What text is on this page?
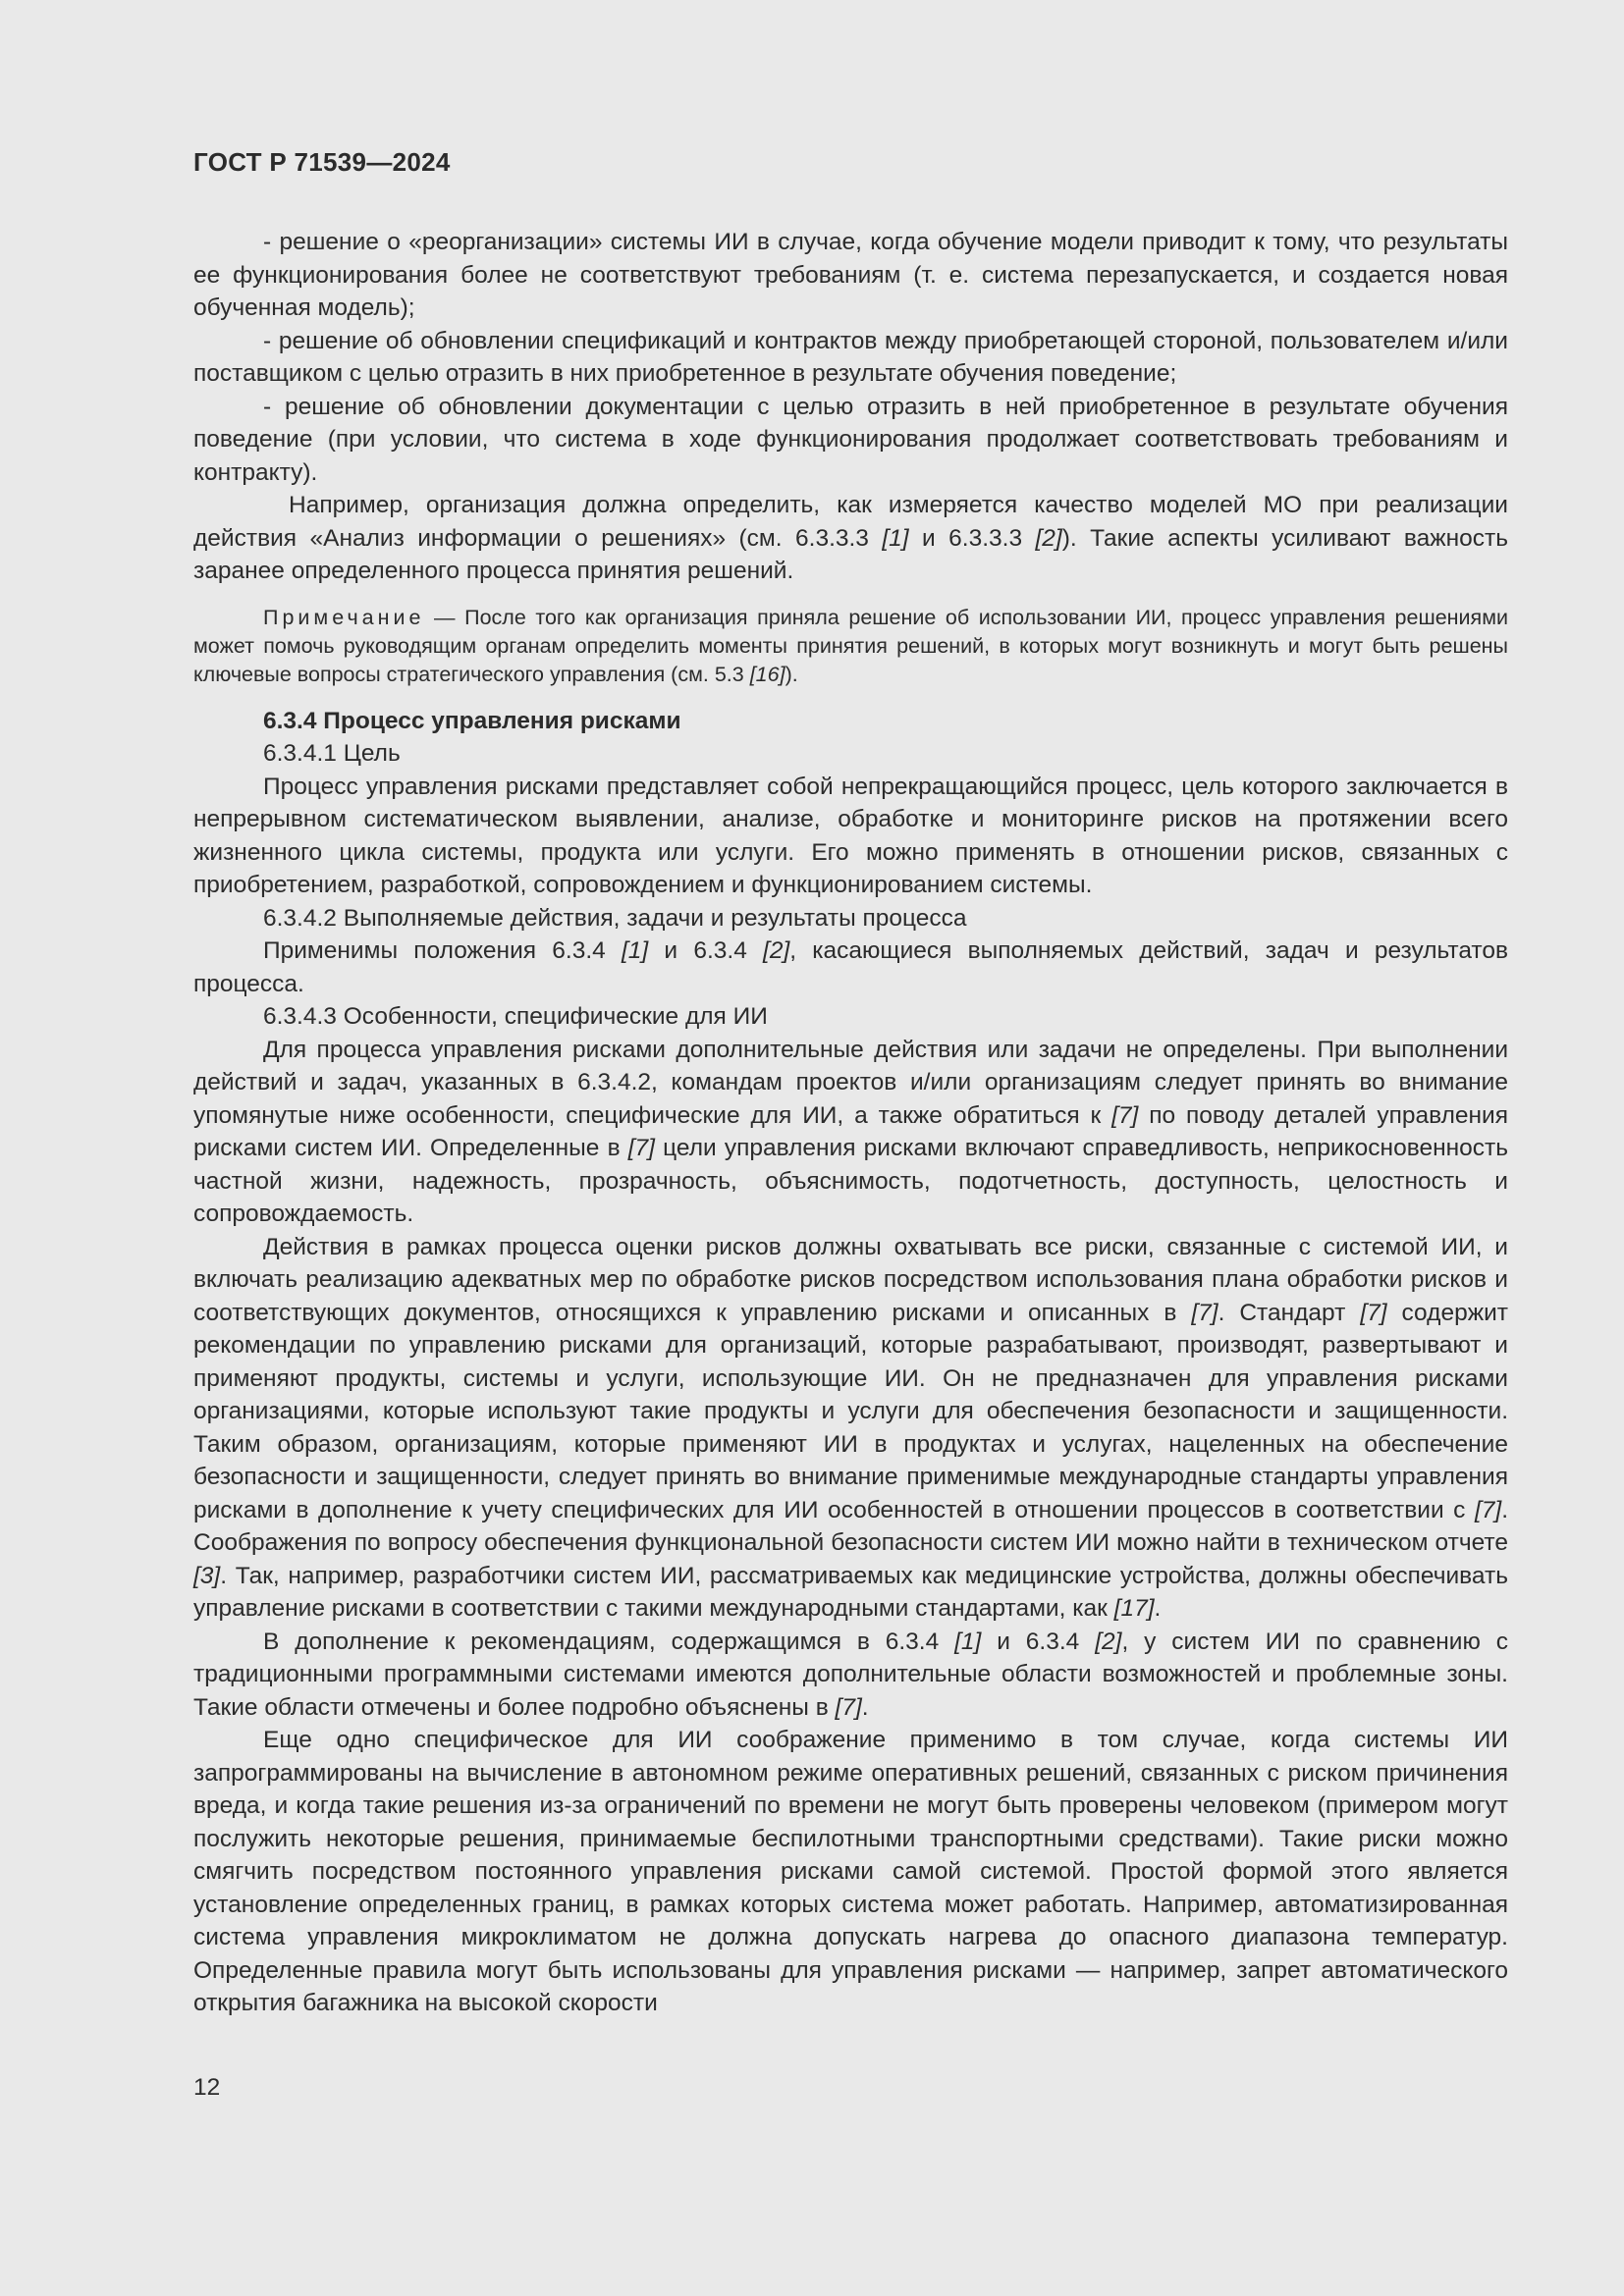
ГОСТ Р 71539—2024

- решение о «реорганизации» системы ИИ в случае, когда обучение модели приводит к тому, что результаты ее функционирования более не соответствуют требованиям (т. е. система перезапускается, и создается новая обученная модель);

- решение об обновлении спецификаций и контрактов между приобретающей стороной, пользователем и/или поставщиком с целью отразить в них приобретенное в результате обучения поведение;

- решение об обновлении документации с целью отразить в ней приобретенное в результате обучения поведение (при условии, что система в ходе функционирования продолжает соответствовать требованиям и контракту).

Например, организация должна определить, как измеряется качество моделей МО при реализации действия «Анализ информации о решениях» (см. 6.3.3.3 [1] и 6.3.3.3 [2]). Такие аспекты усиливают важность заранее определенного процесса принятия решений.

Примечание — После того как организация приняла решение об использовании ИИ, процесс управления решениями может помочь руководящим органам определить моменты принятия решений, в которых могут возникнуть и могут быть решены ключевые вопросы стратегического управления (см. 5.3 [16]).

6.3.4 Процесс управления рисками

6.3.4.1 Цель

Процесс управления рисками представляет собой непрекращающийся процесс, цель которого заключается в непрерывном систематическом выявлении, анализе, обработке и мониторинге рисков на протяжении всего жизненного цикла системы, продукта или услуги. Его можно применять в отношении рисков, связанных с приобретением, разработкой, сопровождением и функционированием системы.

6.3.4.2 Выполняемые действия, задачи и результаты процесса

Применимы положения 6.3.4 [1] и 6.3.4 [2], касающиеся выполняемых действий, задач и результатов процесса.

6.3.4.3 Особенности, специфические для ИИ

Для процесса управления рисками дополнительные действия или задачи не определены. При выполнении действий и задач, указанных в 6.3.4.2, командам проектов и/или организациям следует принять во внимание упомянутые ниже особенности, специфические для ИИ, а также обратиться к [7] по поводу деталей управления рисками систем ИИ. Определенные в [7] цели управления рисками включают справедливость, неприкосновенность частной жизни, надежность, прозрачность, объяснимость, подотчетность, доступность, целостность и сопровождаемость.

Действия в рамках процесса оценки рисков должны охватывать все риски, связанные с системой ИИ, и включать реализацию адекватных мер по обработке рисков посредством использования плана обработки рисков и соответствующих документов, относящихся к управлению рисками и описанных в [7]. Стандарт [7] содержит рекомендации по управлению рисками для организаций, которые разрабатывают, производят, развертывают и применяют продукты, системы и услуги, использующие ИИ. Он не предназначен для управления рисками организациями, которые используют такие продукты и услуги для обеспечения безопасности и защищенности. Таким образом, организациям, которые применяют ИИ в продуктах и услугах, нацеленных на обеспечение безопасности и защищенности, следует принять во внимание применимые международные стандарты управления рисками в дополнение к учету специфических для ИИ особенностей в отношении процессов в соответствии с [7]. Соображения по вопросу обеспечения функциональной безопасности систем ИИ можно найти в техническом отчете [3]. Так, например, разработчики систем ИИ, рассматриваемых как медицинские устройства, должны обеспечивать управление рисками в соответствии с такими международными стандартами, как [17].

В дополнение к рекомендациям, содержащимся в 6.3.4 [1] и 6.3.4 [2], у систем ИИ по сравнению с традиционными программными системами имеются дополнительные области возможностей и проблемные зоны. Такие области отмечены и более подробно объяснены в [7].

Еще одно специфическое для ИИ соображение применимо в том случае, когда системы ИИ запрограммированы на вычисление в автономном режиме оперативных решений, связанных с риском причинения вреда, и когда такие решения из-за ограничений по времени не могут быть проверены человеком (примером могут послужить некоторые решения, принимаемые беспилотными транспортными средствами). Такие риски можно смягчить посредством постоянного управления рисками самой системой. Простой формой этого является установление определенных границ, в рамках которых система может работать. Например, автоматизированная система управления микроклиматом не должна допускать нагрева до опасного диапазона температур. Определенные правила могут быть использованы для управления рисками — например, запрет автоматического открытия багажника на высокой скорости

12
